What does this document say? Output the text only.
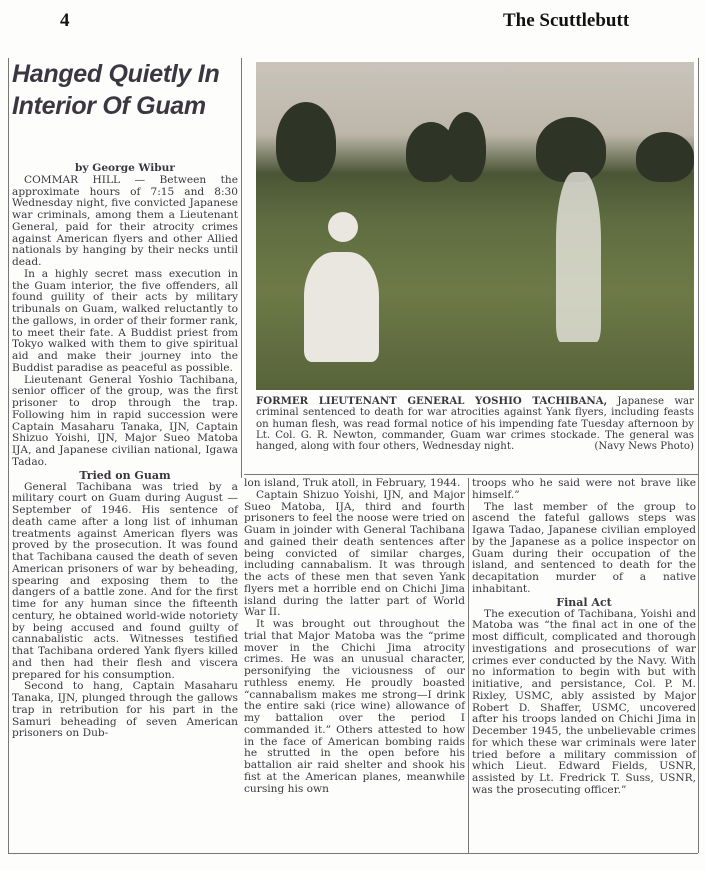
4	The Scuttlebutt
Hanged Quietly In Interior Of Guam
FORMER LIEUTENANT GENERAL YOSHIO TACHIBANA, Japanese war criminal sentenced to death for war atrocities against Yank flyers, including feasts on human flesh, was read formal notice of his impending fate Tuesday afternoon by Lt. Col. G. R. Newton, commander, Guam war crimes stockade. The general was hanged, along with four others, Wednesday night.	(Navy News Photo)

by George Wibur

COMMAR HILL — Between the approximate hours of 7:15 and 8:30 Wednesday night, five convicted Japanese war criminals, among them a Lieutenant General, paid for their atrocity crimes against American flyers and other Allied nationals by hanging by their necks until dead.

In a highly secret mass execution in the Guam interior, the five offenders, all found guility of their acts by military tribunals on Guam, walked reluctantly to the gallows, in order of their former rank, to meet their fate. A Buddist priest from Tokyo walked with them to give spiritual aid and make their journey into the Buddist paradise as peaceful as possible.

Lieutenant General Yoshio Tachibana, senior officer of the group, was the first prisoner to drop through the trap. Following him in rapid succession were Captain Masaharu Tanaka, IJN, Captain Shizuo Yoishi, IJN, Major Sueo Matoba IJA, and Japanese civilian national, Igawa Tadao.

Tried on Guam

General Tachibana was tried by a military court on Guam during August — September of 1946. His sentence of death came after a long list of inhuman treatments against American flyers was proved by the prosecution. It was found that Tachibana caused the death of seven American prisoners of war by beheading, spearing and exposing them to the dangers of a battle zone. And for the first time for any human since the fifteenth century, he obtained world-wide notoriety by being accused and found guilty of cannabalistic acts. Witnesses testified that Tachibana ordered Yank flyers killed and then had their flesh and viscera prepared for his consumption.

Second to hang, Captain Masaharu Tanaka, IJN, plunged through the gallows trap in retribution for his part in the Samuri beheading of seven American prisoners on Dub-

lon island, Truk atoll, in February, 1944.

Captain Shizuo Yoishi, IJN, and Major Sueo Matoba, IJA, third and fourth prisoners to feel the noose were tried on Guam in joinder with General Tachibana and gained their death sentences after being convicted of similar charges, including cannabalism. It was through the acts of these men that seven Yank flyers met a horrible end on Chichi Jima island during the latter part of World War II.

It was brought out throughout the trial that Major Matoba was the “prime mover in the Chichi Jima atrocity crimes. He was an unusual character, personifying the viciousness of our ruthless enemy. He proudly boasted “cannabalism makes me strong—I drink the entire saki (rice wine) allowance of my battalion over the period I commanded it.” Others attested to how in the face of American bombing raids he strutted in the open before his battalion air raid shelter and shook his fist at the American planes, meanwhile cursing his own

troops who he said were not brave like himself.”

The last member of the group to ascend the fateful gallows steps was Igawa Tadao, Japanese civilian employed by the Japanese as a police inspector on Guam during their occupation of the island, and sentenced to death for the decapitation murder of a native inhabitant.

Final Act

The execution of Tachibana, Yoishi and Matoba was “the final act in one of the most difficult, complicated and thorough investigations and prosecutions of war crimes ever conducted by the Navy. With no information to begin with but with initiative, and persistance, Col. P. M. Rixley, USMC, ably assisted by Major Robert D. Shaffer, USMC, uncovered after his troops landed on Chichi Jima in December 1945, the unbelievable crimes for which these war criminals were later tried before a military commission of which Lieut. Edward Fields, USNR, assisted by Lt. Fredrick T. Suss, USNR, was the prosecuting officer.”
